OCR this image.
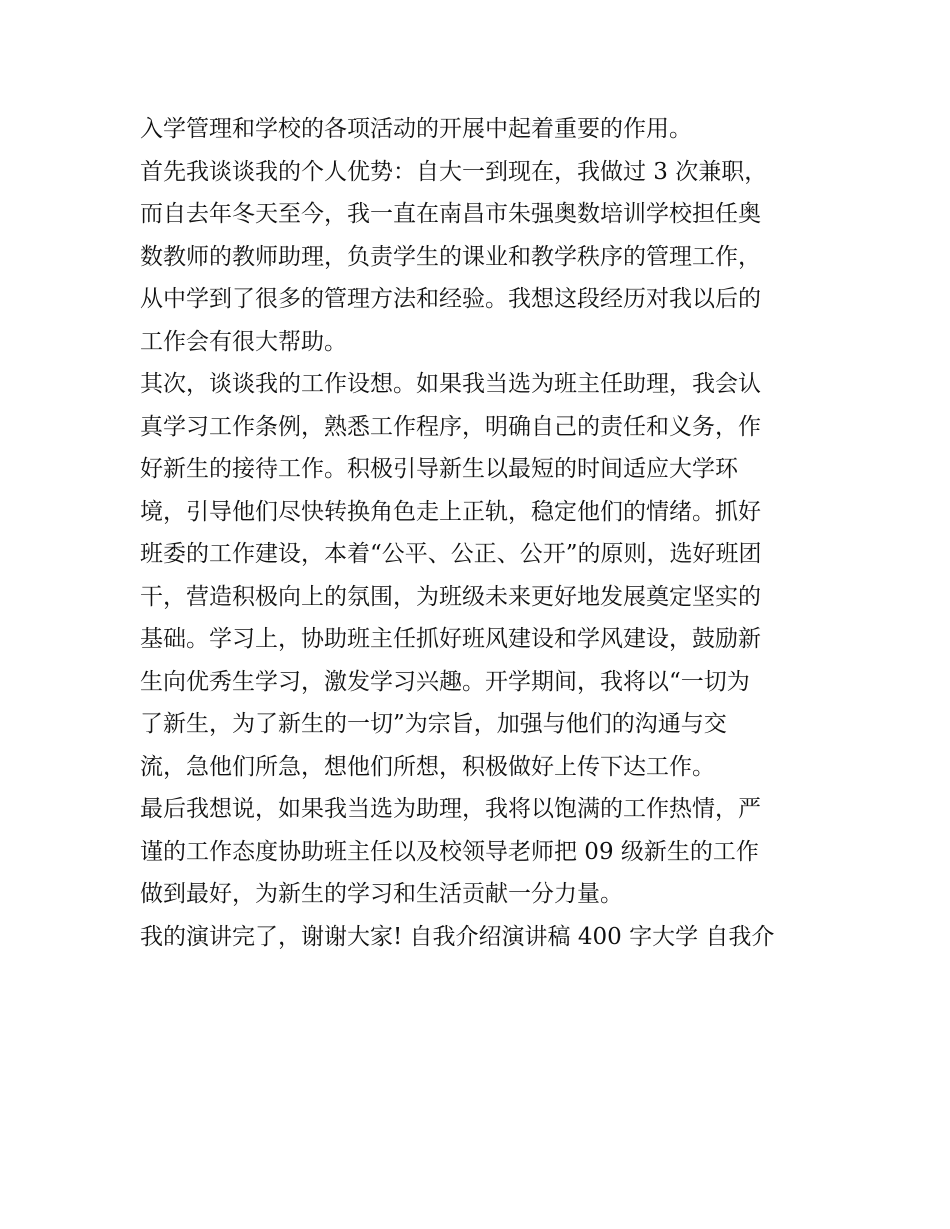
入学管理和学校的各项活动的开展中起着重要的作用。
首先我谈谈我的个人优势：自大一到现在，我做过 3 次兼职，
而自去年冬天至今，我一直在南昌市朱强奥数培训学校担任奥
数教师的教师助理，负责学生的课业和教学秩序的管理工作，
从中学到了很多的管理方法和经验。我想这段经历对我以后的
工作会有很大帮助。
其次，谈谈我的工作设想。如果我当选为班主任助理，我会认
真学习工作条例，熟悉工作程序，明确自己的责任和义务，作
好新生的接待工作。积极引导新生以最短的时间适应大学环
境，引导他们尽快转换角色走上正轨，稳定他们的情绪。抓好
班委的工作建设，本着“公平、公正、公开”的原则，选好班团
干，营造积极向上的氛围，为班级未来更好地发展奠定坚实的
基础。学习上，协助班主任抓好班风建设和学风建设，鼓励新
生向优秀生学习，激发学习兴趣。开学期间，我将以“一切为
了新生，为了新生的一切”为宗旨，加强与他们的沟通与交
流，急他们所急，想他们所想，积极做好上传下达工作。
最后我想说，如果我当选为助理，我将以饱满的工作热情，严
谨的工作态度协助班主任以及校领导老师把 09 级新生的工作
做到最好，为新生的学习和生活贡献一分力量。
我的演讲完了，谢谢大家! 自我介绍演讲稿 400 字大学 自我介
